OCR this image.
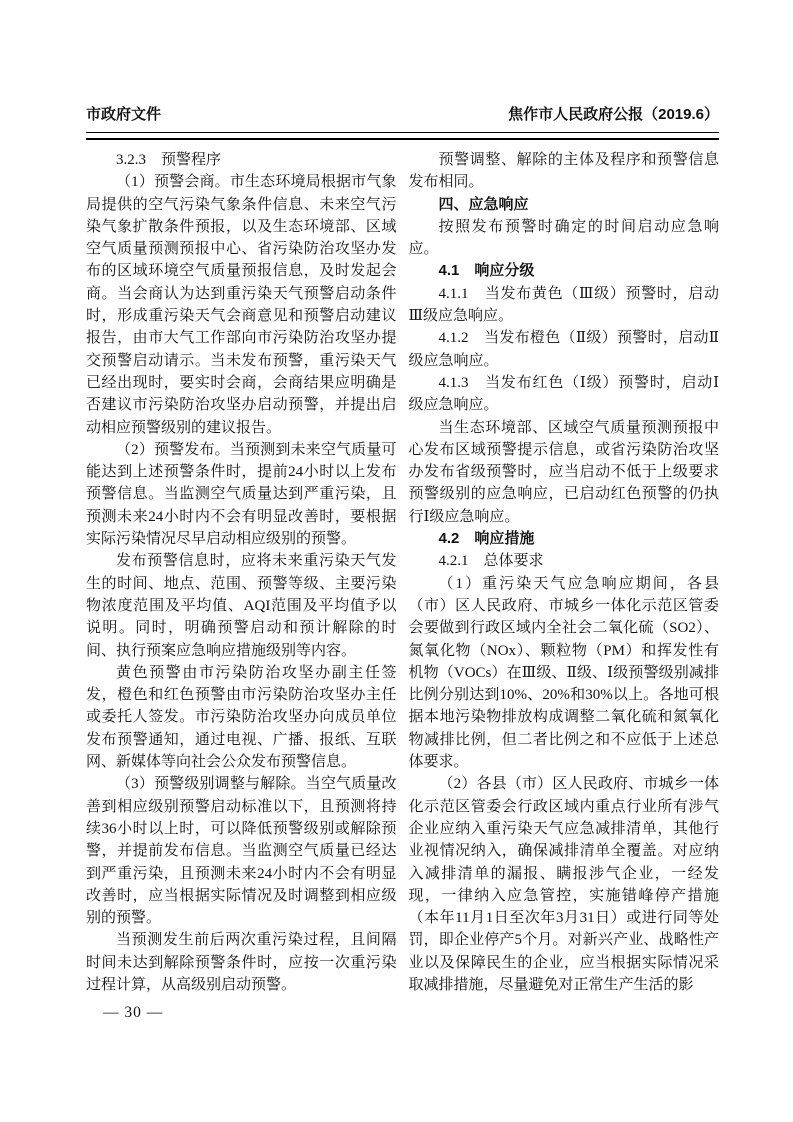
市政府文件	焦作市人民政府公报（2019.6）

3.2.3　预警程序

（1）预警会商。市生态环境局根据市气象局提供的空气污染气象条件信息、未来空气污染气象扩散条件预报，以及生态环境部、区域空气质量预测预报中心、省污染防治攻坚办发布的区域环境空气质量预报信息，及时发起会商。当会商认为达到重污染天气预警启动条件时，形成重污染天气会商意见和预警启动建议报告，由市大气工作部向市污染防治攻坚办提交预警启动请示。当未发布预警，重污染天气已经出现时，要实时会商，会商结果应明确是否建议市污染防治攻坚办启动预警，并提出启动相应预警级别的建议报告。

（2）预警发布。当预测到未来空气质量可能达到上述预警条件时，提前24小时以上发布预警信息。当监测空气质量达到严重污染，且预测未来24小时内不会有明显改善时，要根据实际污染情况尽早启动相应级别的预警。

发布预警信息时，应将未来重污染天气发生的时间、地点、范围、预警等级、主要污染物浓度范围及平均值、AQI范围及平均值予以说明。同时，明确预警启动和预计解除的时间、执行预案应急响应措施级别等内容。

黄色预警由市污染防治攻坚办副主任签发，橙色和红色预警由市污染防治攻坚办主任或委托人签发。市污染防治攻坚办向成员单位发布预警通知，通过电视、广播、报纸、互联网、新媒体等向社会公众发布预警信息。

（3）预警级别调整与解除。当空气质量改善到相应级别预警启动标准以下，且预测将持续36小时以上时，可以降低预警级别或解除预警，并提前发布信息。当监测空气质量已经达到严重污染，且预测未来24小时内不会有明显改善时，应当根据实际情况及时调整到相应级别的预警。

当预测发生前后两次重污染过程，且间隔时间未达到解除预警条件时，应按一次重污染过程计算，从高级别启动预警。

预警调整、解除的主体及程序和预警信息发布相同。

四、应急响应

按照发布预警时确定的时间启动应急响应。

4.1　响应分级

4.1.1　当发布黄色（Ⅲ级）预警时，启动Ⅲ级应急响应。

4.1.2　当发布橙色（Ⅱ级）预警时，启动Ⅱ级应急响应。

4.1.3　当发布红色（Ⅰ级）预警时，启动Ⅰ级应急响应。

当生态环境部、区域空气质量预测预报中心发布区域预警提示信息，或省污染防治攻坚办发布省级预警时，应当启动不低于上级要求预警级别的应急响应，已启动红色预警的仍执行Ⅰ级应急响应。

4.2　响应措施

4.2.1　总体要求

（1）重污染天气应急响应期间，各县（市）区人民政府、市城乡一体化示范区管委会要做到行政区域内全社会二氧化硫（SO2）、氮氧化物（NOx）、颗粒物（PM）和挥发性有机物（VOCs）在Ⅲ级、Ⅱ级、Ⅰ级预警级别减排比例分别达到10%、20%和30%以上。各地可根据本地污染物排放构成调整二氧化硫和氮氧化物减排比例，但二者比例之和不应低于上述总体要求。

（2）各县（市）区人民政府、市城乡一体化示范区管委会行政区域内重点行业所有涉气企业应纳入重污染天气应急减排清单，其他行业视情况纳入，确保减排清单全覆盖。对应纳入减排清单的漏报、瞒报涉气企业，一经发现，一律纳入应急管控，实施错峰停产措施（本年11月1日至次年3月31日）或进行同等处罚，即企业停产5个月。对新兴产业、战略性产业以及保障民生的企业，应当根据实际情况采取减排措施，尽量避免对正常生产生活的影

— 30 —
